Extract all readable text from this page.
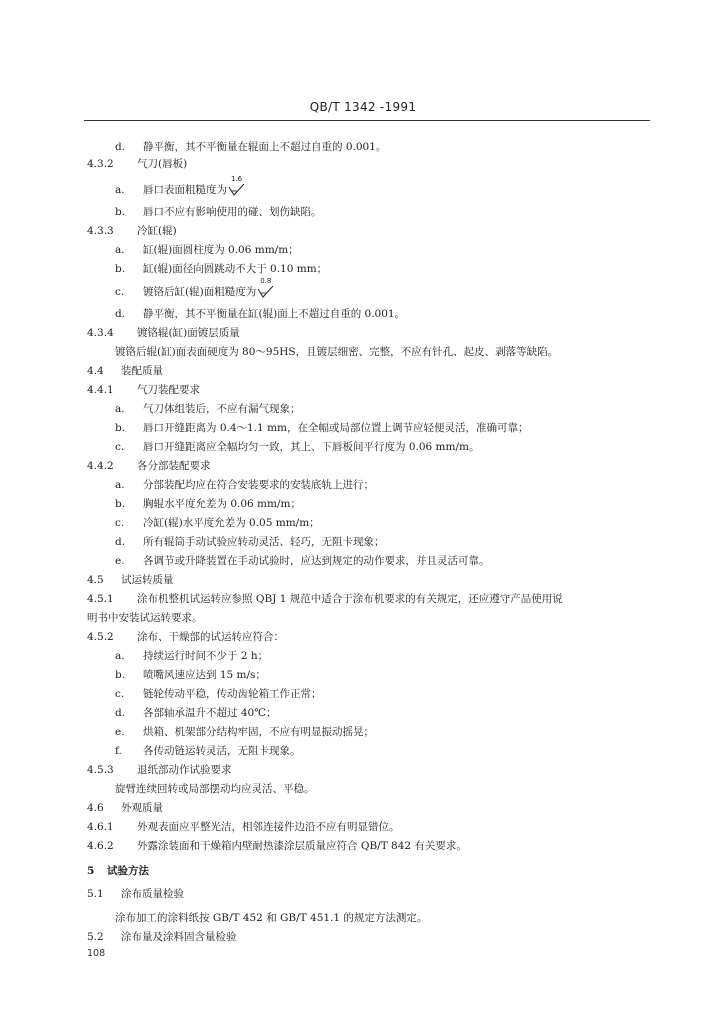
QB/T 1342 -1991
d. 静平衡，其不平衡量在辊面上不超过自重的 0.001。
4.3.2 气刀(唇板)
a. 唇口表面粗糙度为
1.6
b. 唇口不应有影响使用的碰、划伤缺陷。
4.3.3 冷缸(辊)
a. 缸(辊)面圆柱度为 0.06 mm/m；
b. 缸(辊)面径向圆跳动不大于 0.10 mm；
c. 镀铬后缸(辊)面粗糙度为
0.8
d. 静平衡，其不平衡量在缸(辊)面上不超过自重的 0.001。
4.3.4 镀铬辊(缸)面镀层质量
镀铬后辊(缸)面表面硬度为 80～95HS，且镀层细密、完整，不应有针孔、起皮、剥落等缺陷。
4.4 装配质量
4.4.1 气刀装配要求
a. 气刀体组装后，不应有漏气现象；
b. 唇口开缝距离为 0.4～1.1 mm，在全幅或局部位置上调节应轻便灵活，准确可靠；
c. 唇口开缝距离应全幅均匀一致，其上、下唇板间平行度为 0.06 mm/m。
4.4.2 各分部装配要求
a. 分部装配均应在符合安装要求的安装底轨上进行；
b. 胸辊水平度允差为 0.06 mm/m；
c. 冷缸(辊)水平度允差为 0.05 mm/m；
d. 所有辊筒手动试验应转动灵活、轻巧，无阻卡现象；
e. 各调节或升降装置在手动试验时，应达到规定的动作要求，并且灵活可靠。
4.5 试运转质量
4.5.1 涂布机整机试运转应参照 QBJ 1 规范中适合于涂布机要求的有关规定，还应遵守产品使用说
明书中安装试运转要求。
4.5.2 涂布、干燥部的试运转应符合：
a. 持续运行时间不少于 2 h；
b. 喷嘴风速应达到 15 m/s；
c. 链轮传动平稳，传动齿轮箱工作正常；
d. 各部轴承温升不超过 40℃；
e. 烘箱、机架部分结构牢固，不应有明显振动摇晃；
f. 各传动链运转灵活，无阻卡现象。
4.5.3 退纸部动作试验要求
旋臂连续回转或局部摆动均应灵活、平稳。
4.6 外观质量
4.6.1 外观表面应平整光洁，相邻连接件边沿不应有明显错位。
4.6.2 外露涂装面和干燥箱内壁耐热漆涂层质量应符合 QB/T 842 有关要求。
5 试验方法
5.1 涂布质量检验
涂布加工的涂料纸按 GB/T 452 和 GB/T 451.1 的规定方法测定。
5.2 涂布量及涂料固含量检验
108
